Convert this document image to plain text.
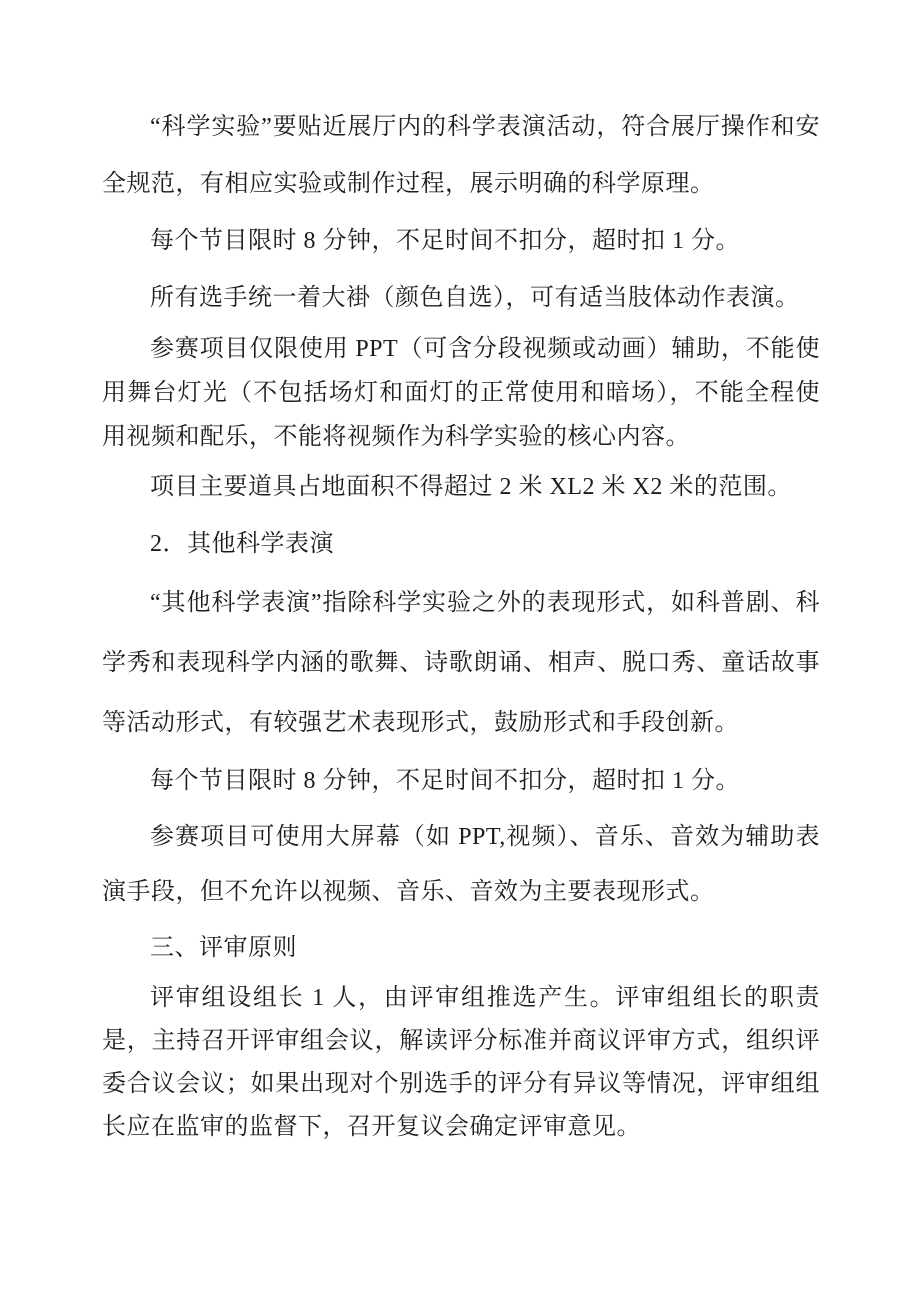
“科学实验”要贴近展厅内的科学表演活动，符合展厅操作和安全规范，有相应实验或制作过程，展示明确的科学原理。

每个节目限时 8 分钟，不足时间不扣分，超时扣 1 分。

所有选手统一着大褂（颜色自选），可有适当肢体动作表演。

参赛项目仅限使用 PPT（可含分段视频或动画）辅助，不能使用舞台灯光（不包括场灯和面灯的正常使用和暗场），不能全程使用视频和配乐，不能将视频作为科学实验的核心内容。

项目主要道具占地面积不得超过 2 米 XL2 米 X2 米的范围。

2．其他科学表演

“其他科学表演”指除科学实验之外的表现形式，如科普剧、科学秀和表现科学内涵的歌舞、诗歌朗诵、相声、脱口秀、童话故事等活动形式，有较强艺术表现形式，鼓励形式和手段创新。

每个节目限时 8 分钟，不足时间不扣分，超时扣 1 分。

参赛项目可使用大屏幕（如 PPT,视频）、音乐、音效为辅助表演手段，但不允许以视频、音乐、音效为主要表现形式。

三、评审原则

评审组设组长 1 人，由评审组推选产生。评审组组长的职责是，主持召开评审组会议，解读评分标准并商议评审方式，组织评委合议会议；如果出现对个别选手的评分有异议等情况，评审组组长应在监审的监督下，召开复议会确定评审意见。
